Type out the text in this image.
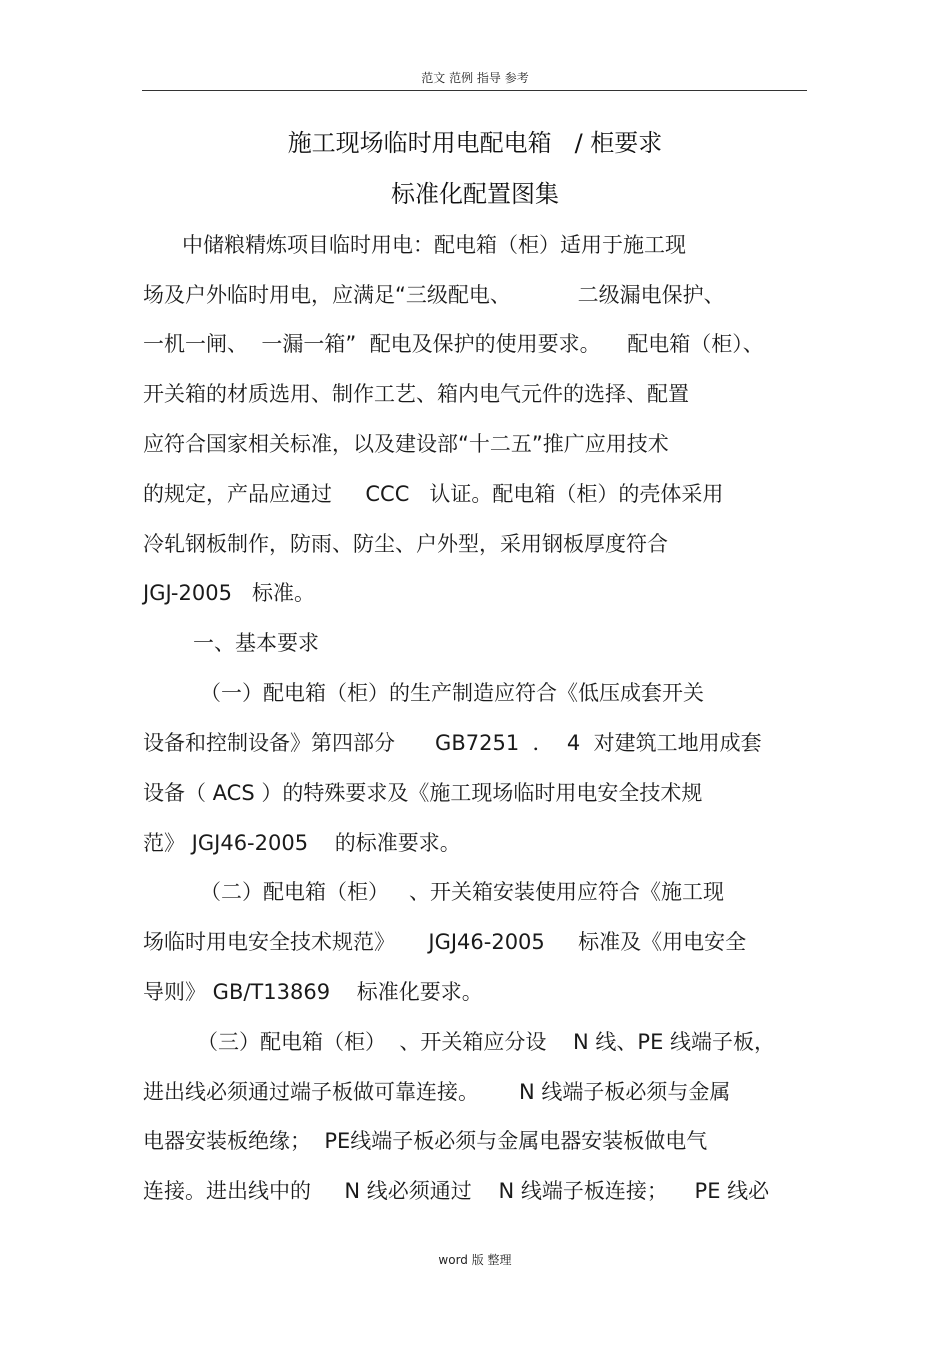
范文 范例 指导 参考
施工现场临时用电配电箱   / 柜要求
标准化配置图集
中储粮精炼项目临时用电：配电箱（柜）适用于施工现
场及户外临时用电，应满足“三级配电、          二级漏电保护、
一机一闸、  一漏一箱”  配电及保护的使用要求。    配电箱（柜）、
开关箱的材质选用、制作工艺、箱内电气元件的选择、配置
应符合国家相关标准，以及建设部“十二五”推广应用技术
的规定，产品应通过     CCC   认证。配电箱（柜）的壳体采用
冷轧钢板制作，防雨、防尘、户外型，采用钢板厚度符合
JGJ-2005   标准。
一、基本要求
（一）配电箱（柜）的生产制造应符合《低压成套开关
设备和控制设备》第四部分      GB7251  ．  4  对建筑工地用成套
设备（ ACS ）的特殊要求及《施工现场临时用电安全技术规
范》 JGJ46-2005    的标准要求。
（二）配电箱（柜）   、开关箱安装使用应符合《施工现
场临时用电安全技术规范》     JGJ46-2005     标准及《用电安全
导则》 GB/T13869    标准化要求。
（三）配电箱（柜）  、开关箱应分设    N 线、PE 线端子板，
进出线必须通过端子板做可靠连接。      N 线端子板必须与金属
电器安装板绝缘；  PE线端子板必须与金属电器安装板做电气
连接。进出线中的     N 线必须通过    N 线端子板连接；    PE 线必
word 版 整理
